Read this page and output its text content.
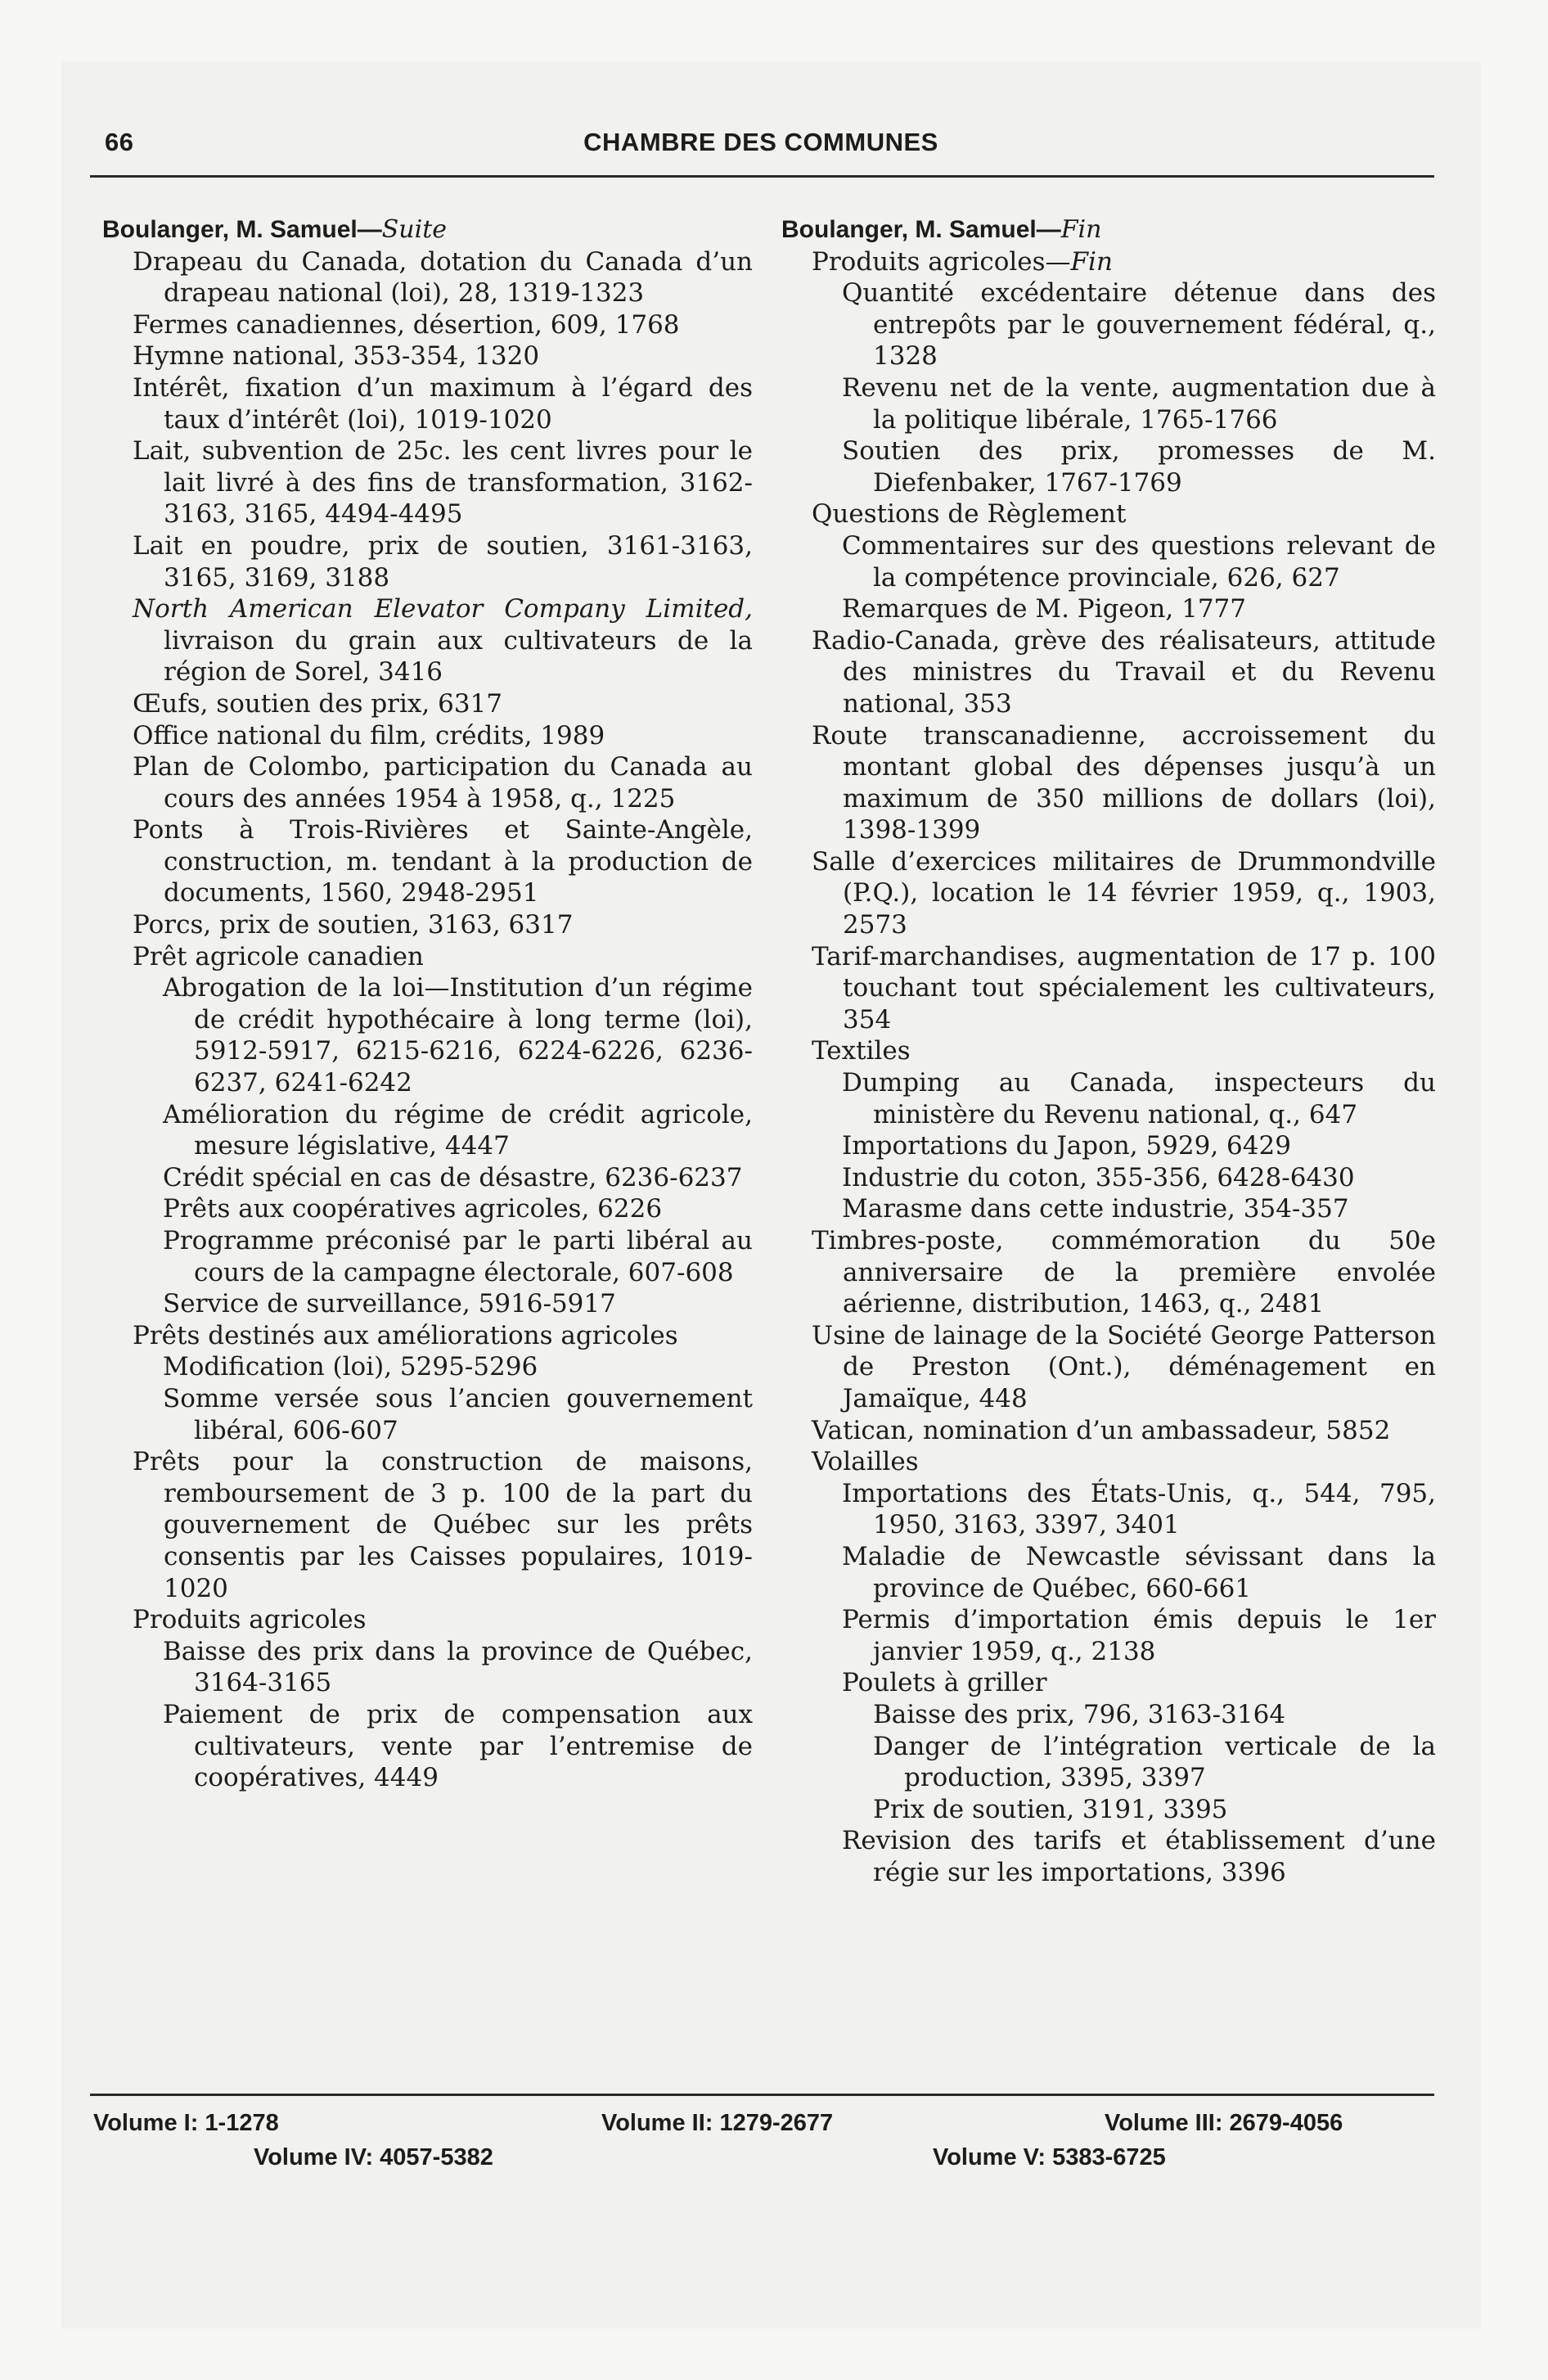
66	CHAMBRE DES COMMUNES
Boulanger, M. Samuel—Suite

Drapeau du Canada, dotation du Canada d’un drapeau national (loi), 28, 1319-1323

Fermes canadiennes, désertion, 609, 1768

Hymne national, 353-354, 1320

Intérêt, fixation d’un maximum à l’égard des taux d’intérêt (loi), 1019-1020

Lait, subvention de 25c. les cent livres pour le lait livré à des fins de transformation, 3162-3163, 3165, 4494-4495

Lait en poudre, prix de soutien, 3161-3163, 3165, 3169, 3188

North American Elevator Company Limited, livraison du grain aux cultivateurs de la région de Sorel, 3416

Œufs, soutien des prix, 6317

Office national du film, crédits, 1989

Plan de Colombo, participation du Canada au cours des années 1954 à 1958, q., 1225

Ponts à Trois-Rivières et Sainte-Angèle, construction, m. tendant à la production de documents, 1560, 2948-2951

Porcs, prix de soutien, 3163, 6317

Prêt agricole canadien

Abrogation de la loi—Institution d’un régime de crédit hypothécaire à long terme (loi), 5912-5917, 6215-6216, 6224-6226, 6236-6237, 6241-6242

Amélioration du régime de crédit agricole, mesure législative, 4447

Crédit spécial en cas de désastre, 6236-6237

Prêts aux coopératives agricoles, 6226

Programme préconisé par le parti libéral au cours de la campagne électorale, 607-608

Service de surveillance, 5916-5917

Prêts destinés aux améliorations agricoles

Modification (loi), 5295-5296

Somme versée sous l’ancien gouvernement libéral, 606-607

Prêts pour la construction de maisons, remboursement de 3 p. 100 de la part du gouvernement de Québec sur les prêts consentis par les Caisses populaires, 1019-1020

Produits agricoles

Baisse des prix dans la province de Québec, 3164-3165

Paiement de prix de compensation aux cultivateurs, vente par l’entremise de coopératives, 4449

Boulanger, M. Samuel—Fin

Produits agricoles—Fin

Quantité excédentaire détenue dans des entrepôts par le gouvernement fédéral, q., 1328

Revenu net de la vente, augmentation due à la politique libérale, 1765-1766

Soutien des prix, promesses de M. Diefenbaker, 1767-1769

Questions de Règlement

Commentaires sur des questions relevant de la compétence provinciale, 626, 627

Remarques de M. Pigeon, 1777

Radio-Canada, grève des réalisateurs, attitude des ministres du Travail et du Revenu national, 353

Route transcanadienne, accroissement du montant global des dépenses jusqu’à un maximum de 350 millions de dollars (loi), 1398-1399

Salle d’exercices militaires de Drummondville (P.Q.), location le 14 février 1959, q., 1903, 2573

Tarif-marchandises, augmentation de 17 p. 100 touchant tout spécialement les cultivateurs, 354

Textiles

Dumping au Canada, inspecteurs du ministère du Revenu national, q., 647

Importations du Japon, 5929, 6429

Industrie du coton, 355-356, 6428-6430

Marasme dans cette industrie, 354-357

Timbres-poste, commémoration du 50e anniversaire de la première envolée aérienne, distribution, 1463, q., 2481

Usine de lainage de la Société George Patterson de Preston (Ont.), déménagement en Jamaïque, 448

Vatican, nomination d’un ambassadeur, 5852

Volailles

Importations des États-Unis, q., 544, 795, 1950, 3163, 3397, 3401

Maladie de Newcastle sévissant dans la province de Québec, 660-661

Permis d’importation émis depuis le 1er janvier 1959, q., 2138

Poulets à griller

Baisse des prix, 796, 3163-3164

Danger de l’intégration verticale de la production, 3395, 3397

Prix de soutien, 3191, 3395

Revision des tarifs et établissement d’une régie sur les importations, 3396

Volume I: 1-1278	Volume II: 1279-2677	Volume III: 2679-4056
Volume IV: 4057-5382	Volume V: 5383-6725
